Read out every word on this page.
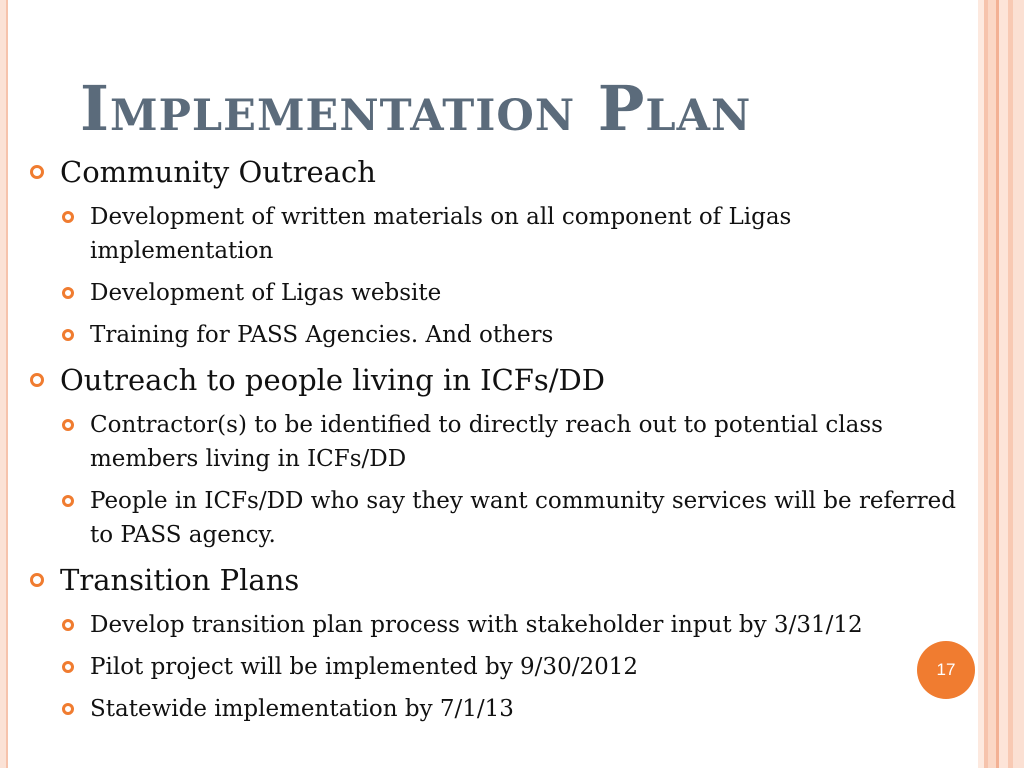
Implementation Plan
Community Outreach
Development of written materials on all component of Ligas implementation
Development of Ligas website
Training for PASS Agencies. And others
Outreach to people living in ICFs/DD
Contractor(s) to be identified to directly reach out to potential class members living in ICFs/DD
People in ICFs/DD who say they want community services will be referred to PASS agency.
Transition Plans
Develop transition plan process with stakeholder input by 3/31/12
Pilot project will be implemented by 9/30/2012
Statewide implementation by 7/1/13
17
